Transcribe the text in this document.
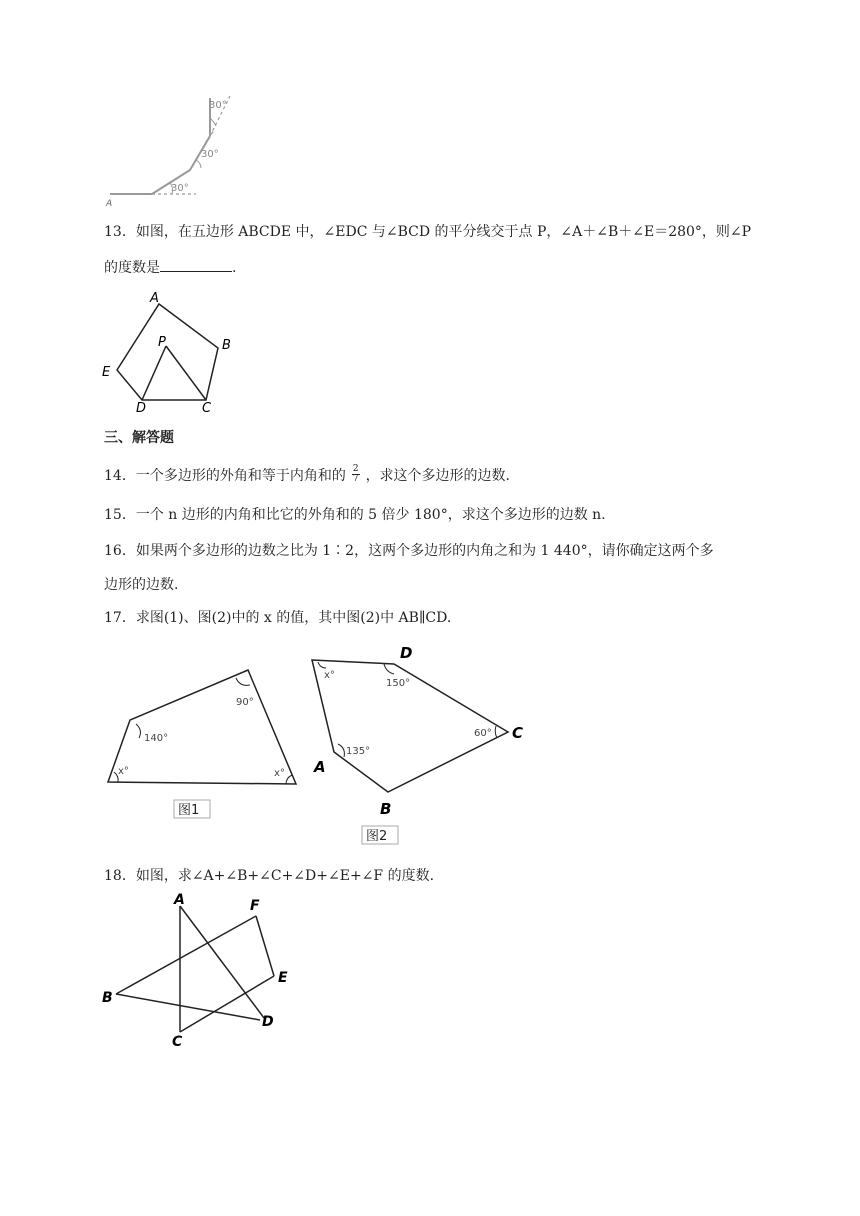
30°
30°
30°
A
13．如图，在五边形 ABCDE 中，∠EDC 与∠BCD 的平分线交于点 P，∠A＋∠B＋∠E＝280°，则∠P
的度数是	.
A
B
C
D
E
P
三、解答题
14．一个多边形的外角和等于内角和的 $\frac{2}{7}$ ，求这个多边形的边数.
15．一个 n 边形的内角和比它的外角和的 5 倍少 180°，求这个多边形的边数 n.
16．如果两个多边形的边数之比为 1∶2，这两个多边形的内角之和为 1 440°，请你确定这两个多
边形的边数.
17．求图(1)、图(2)中的 x 的值，其中图(2)中 AB∥CD.
140°
90°
x°	x°
图1
x°
150°
60°
135°
D
C
A
B
图2
18．如图，求∠A+∠B+∠C+∠D+∠E+∠F 的度数.
A
B
C
D
E
F
